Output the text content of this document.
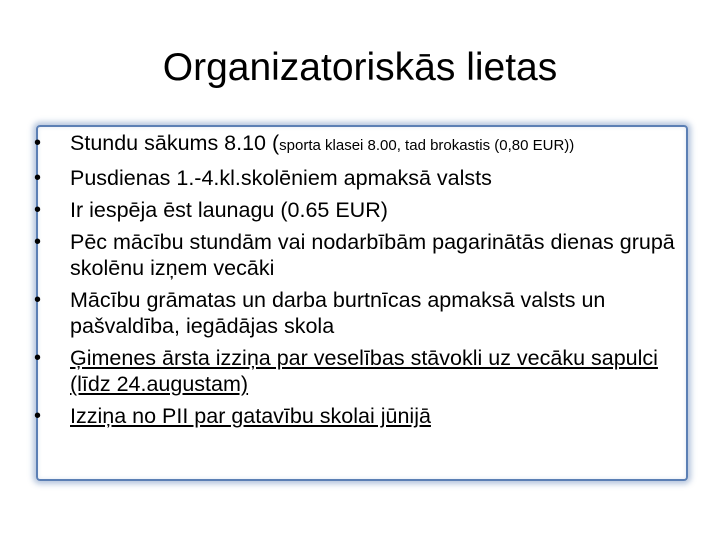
Organizatoriskās lietas
•	Stundu sākums 8.10 (sporta klasei 8.00, tad brokastis (0,80 EUR))
•	Pusdienas 1.-4.kl.skolēniem apmaksā valsts
•	Ir iespēja ēst launagu (0.65 EUR)
•	Pēc mācību stundām vai nodarbībām pagarinātās dienas grupā skolēnu izņem vecāki
•	Mācību grāmatas un darba burtnīcas apmaksā valsts un pašvaldība, iegādājas skola
•	Ģimenes ārsta izziņa par veselības stāvokli uz vecāku sapulci (līdz 24.augustam)
•	Izziņa no PII par gatavību skolai jūnijā
